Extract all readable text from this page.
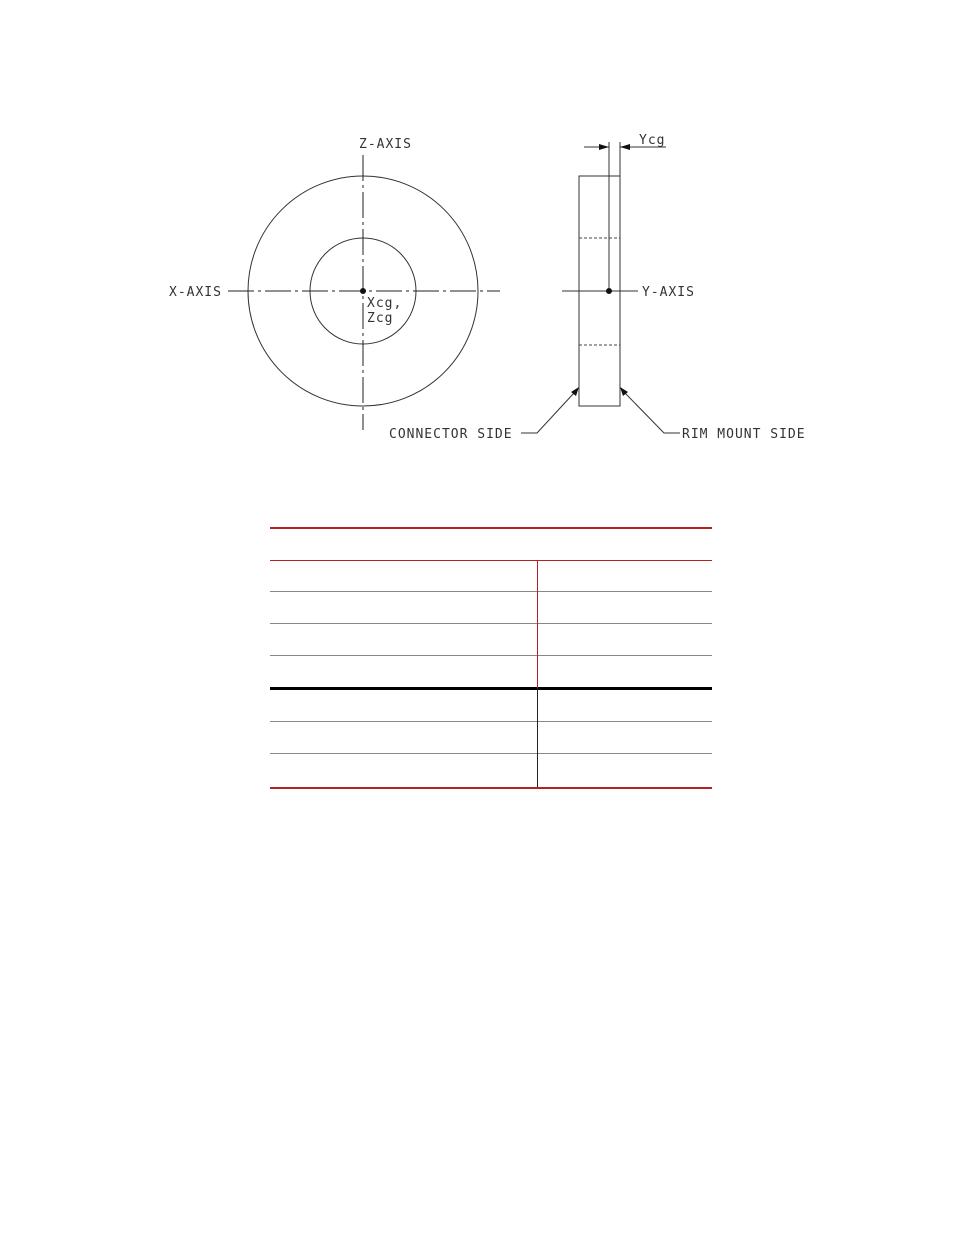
Z-AXIS
X-AXIS
Xcg,
Zcg
Ycg
Y-AXIS
CONNECTOR SIDE	RIM MOUNT SIDE
